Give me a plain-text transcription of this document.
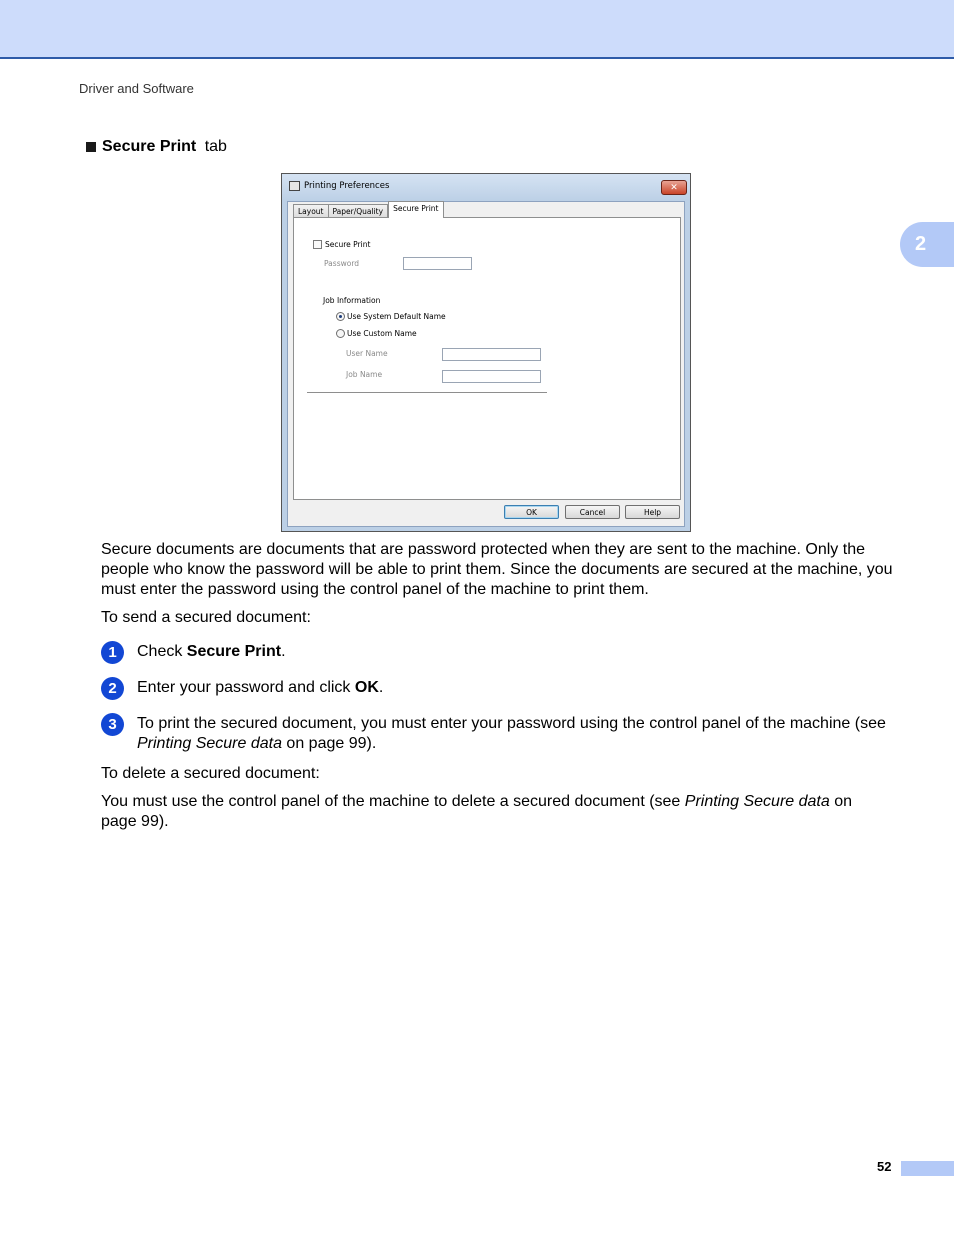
Driver and Software
2
Secure Print tab
Printing Preferences	✕
Layout	Paper/Quality	Secure Print
Secure Print
Password
Job Information
Use System Default Name
Use Custom Name
User Name
Job Name
OK	Cancel	Help
Secure documents are documents that are password protected when they are sent to the machine. Only the people who know the password will be able to print them. Since the documents are secured at the machine, you must enter the password using the control panel of the machine to print them.
To send a secured document:
1	Check Secure Print.
2	Enter your password and click OK.
3	To print the secured document, you must enter your password using the control panel of the machine (see Printing Secure data on page 99).
To delete a secured document:
You must use the control panel of the machine to delete a secured document (see Printing Secure data on page 99).
52
